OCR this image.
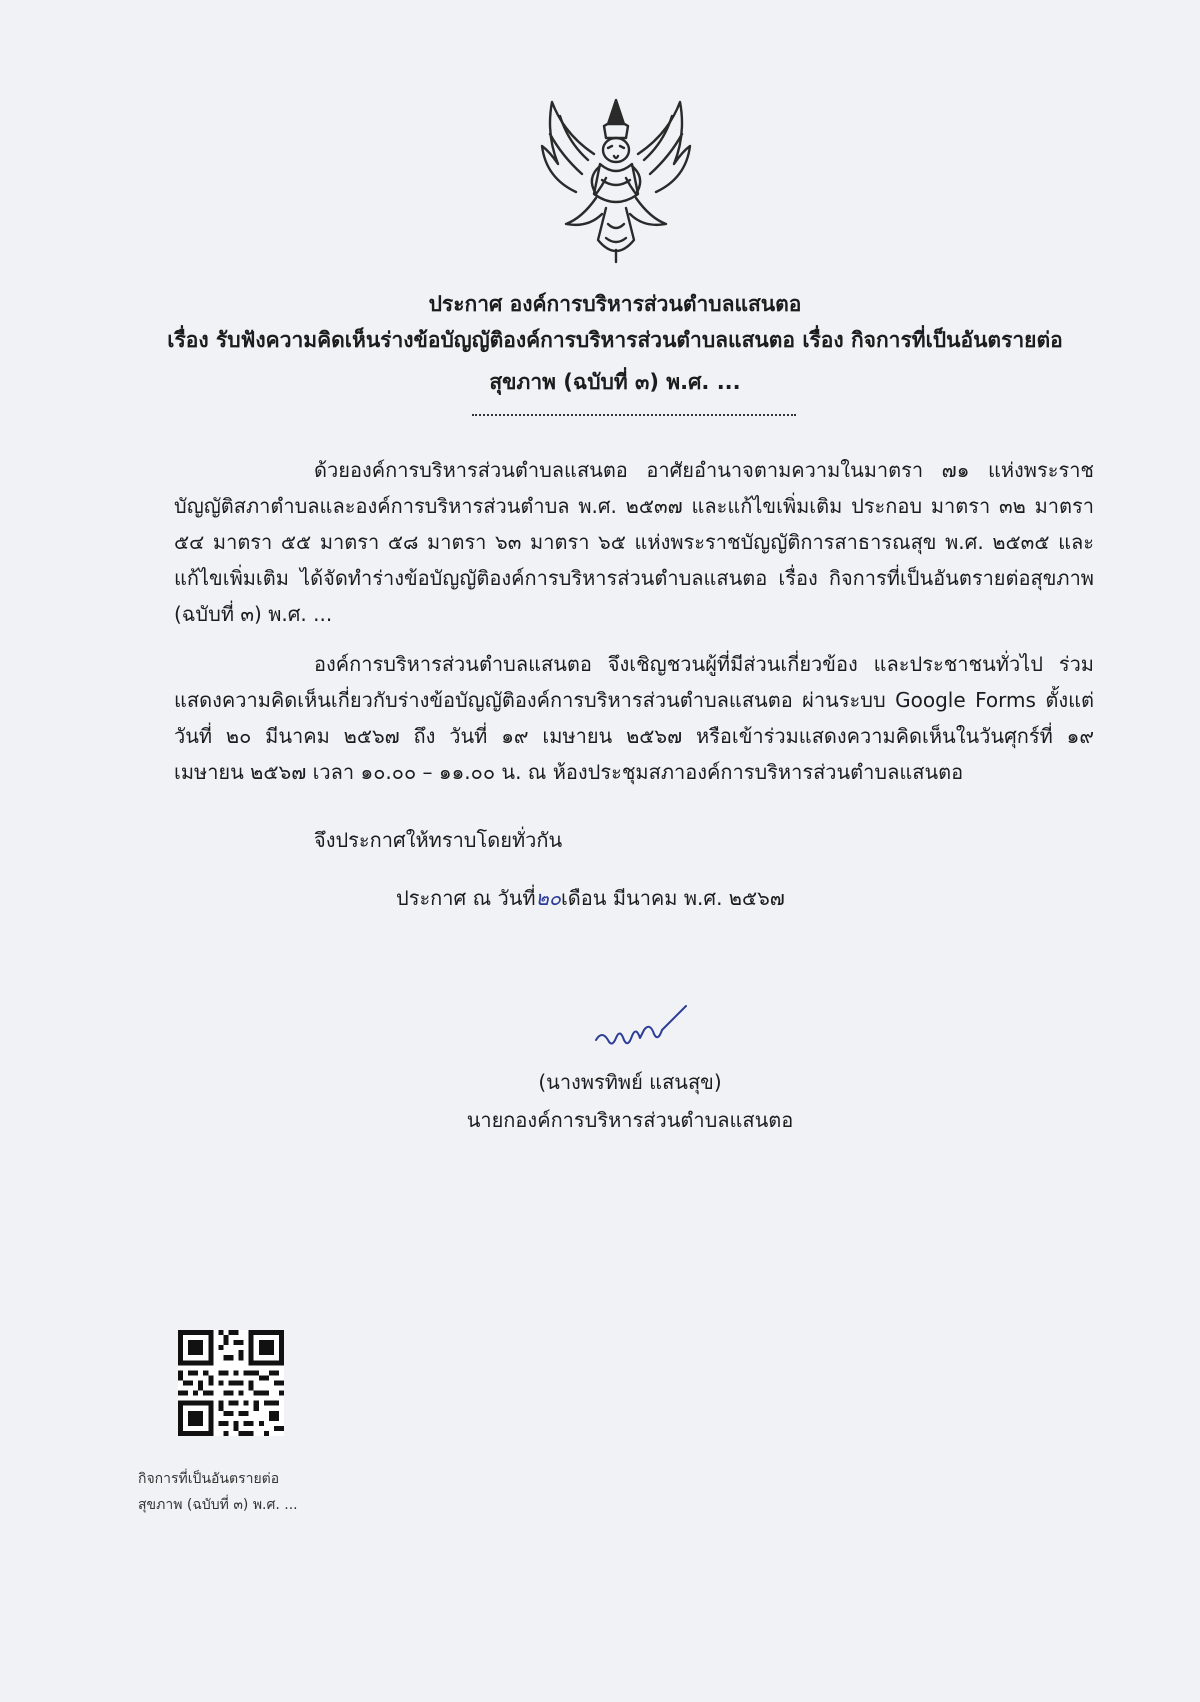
ประกาศ องค์การบริหารส่วนตำบลแสนตอ
เรื่อง รับฟังความคิดเห็นร่างข้อบัญญัติองค์การบริหารส่วนตำบลแสนตอ เรื่อง กิจการที่เป็นอันตรายต่อ
สุขภาพ (ฉบับที่ ๓) พ.ศ. ...
ด้วยองค์การบริหารส่วนตำบลแสนตอ อาศัยอำนาจตามความในมาตรา ๗๑ แห่งพระราชบัญญัติสภาตำบลและองค์การบริหารส่วนตำบล พ.ศ. ๒๕๓๗ และแก้ไขเพิ่มเติม ประกอบ มาตรา ๓๒ มาตรา ๕๔ มาตรา ๕๕ มาตรา ๕๘ มาตรา ๖๓ มาตรา ๖๕ แห่งพระราชบัญญัติการสาธารณสุข พ.ศ. ๒๕๓๕ และแก้ไขเพิ่มเติม ได้จัดทำร่างข้อบัญญัติองค์การบริหารส่วนตำบลแสนตอ เรื่อง กิจการที่เป็นอันตรายต่อสุขภาพ (ฉบับที่ ๓) พ.ศ. ...
องค์การบริหารส่วนตำบลแสนตอ จึงเชิญชวนผู้ที่มีส่วนเกี่ยวข้อง และประชาชนทั่วไป ร่วมแสดงความคิดเห็นเกี่ยวกับร่างข้อบัญญัติองค์การบริหารส่วนตำบลแสนตอ ผ่านระบบ Google Forms ตั้งแต่วันที่ ๒๐ มีนาคม ๒๕๖๗ ถึง วันที่ ๑๙ เมษายน ๒๕๖๗ หรือเข้าร่วมแสดงความคิดเห็นในวันศุกร์ที่ ๑๙ เมษายน ๒๕๖๗ เวลา ๑๐.๐๐ – ๑๑.๐๐ น. ณ ห้องประชุมสภาองค์การบริหารส่วนตำบลแสนตอ
จึงประกาศให้ทราบโดยทั่วกัน
ประกาศ ณ วันที่๒๐เดือน มีนาคม พ.ศ. ๒๕๖๗
(นางพรทิพย์ แสนสุข)
นายกองค์การบริหารส่วนตำบลแสนตอ
กิจการที่เป็นอันตรายต่อ
สุขภาพ (ฉบับที่ ๓) พ.ศ. ...
